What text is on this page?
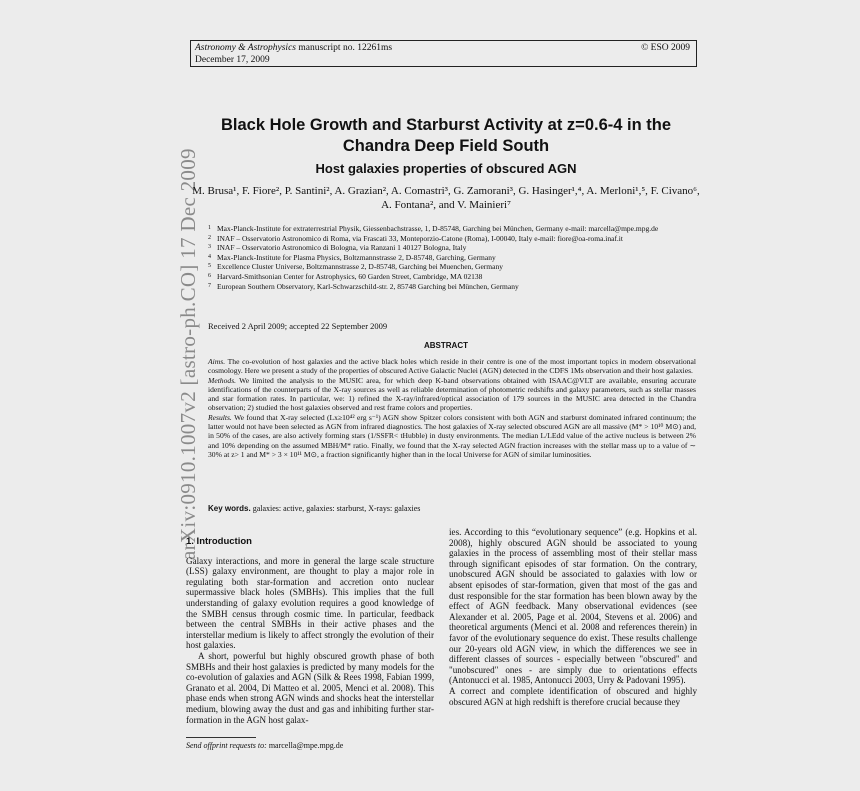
Astronomy & Astrophysics manuscript no. 12261ms
December 17, 2009
© ESO 2009
arXiv:0910.1007v2 [astro-ph.CO] 17 Dec 2009
Black Hole Growth and Starburst Activity at z=0.6-4 in the Chandra Deep Field South
Host galaxies properties of obscured AGN
M. Brusa¹, F. Fiore², P. Santini², A. Grazian², A. Comastri³, G. Zamorani³, G. Hasinger¹,⁴, A. Merloni¹,⁵, F. Civano⁶,
A. Fontana², and V. Mainieri⁷
1 Max-Planck-Institute for extraterrestrial Physik, Giessenbachstrasse, 1, D-85748, Garching bei München, Germany e-mail: marcella@mpe.mpg.de
2 INAF – Osservatorio Astronomico di Roma, via Frascati 33, Monteporzio-Catone (Roma), I-00040, Italy e-mail: fiore@oa-roma.inaf.it
3 INAF – Osservatorio Astronomico di Bologna, via Ranzani 1 40127 Bologna, Italy
4 Max-Planck-Institute for Plasma Physics, Boltzmannstrasse 2, D-85748, Garching, Germany
5 Excellence Cluster Universe, Boltzmannstrasse 2, D-85748, Garching bei Muenchen, Germany
6 Harvard-Smithsonian Center for Astrophysics, 60 Garden Street, Cambridge, MA 02138
7 European Southern Observatory, Karl-Schwarzschild-str. 2, 85748 Garching bei München, Germany
Received 2 April 2009; accepted 22 September 2009
ABSTRACT

Aims. The co-evolution of host galaxies and the active black holes which reside in their centre is one of the most important topics in modern observational cosmology. Here we present a study of the properties of obscured Active Galactic Nuclei (AGN) detected in the CDFS 1Ms observation and their host galaxies.

Methods. We limited the analysis to the MUSIC area, for which deep K-band observations obtained with ISAAC@VLT are available, ensuring accurate identifications of the counterparts of the X-ray sources as well as reliable determination of photometric redshifts and galaxy parameters, such as stellar masses and star formation rates. In particular, we: 1) refined the X-ray/infrared/optical association of 179 sources in the MUSIC area detected in the Chandra observation; 2) studied the host galaxies observed and rest frame colors and properties.

Results. We found that X-ray selected (Lx≥10⁴² erg s⁻¹) AGN show Spitzer colors consistent with both AGN and starburst dominated infrared continuum; the latter would not have been selected as AGN from infrared diagnostics. The host galaxies of X-ray selected obscured AGN are all massive (M* > 10¹⁰ M⊙) and, in 50% of the cases, are also actively forming stars (1/SSFR< tHubble) in dusty environments. The median L/LEdd value of the active nucleus is between 2% and 10% depending on the assumed MBH/M* ratio. Finally, we found that the X-ray selected AGN fraction increases with the stellar mass up to a value of ∼ 30% at z> 1 and M* > 3 × 10¹¹ M⊙, a fraction significantly higher than in the local Universe for AGN of similar luminosities.

Key words. galaxies: active, galaxies: starburst, X-rays: galaxies
1. Introduction

Galaxy interactions, and more in general the large scale structure (LSS) galaxy environment, are thought to play a major role in regulating both star-formation and accretion onto nuclear supermassive black holes (SMBHs). This implies that the full understanding of galaxy evolution requires a good knowledge of the SMBH census through cosmic time. In particular, feedback between the central SMBHs in their active phases and the interstellar medium is likely to affect strongly the evolution of their host galaxies.

A short, powerful but highly obscured growth phase of both SMBHs and their host galaxies is predicted by many models for the co-evolution of galaxies and AGN (Silk & Rees 1998, Fabian 1999, Granato et al. 2004, Di Matteo et al. 2005, Menci et al. 2008). This phase ends when strong AGN winds and shocks heat the interstellar medium, blowing away the dust and gas and inhibiting further star-formation in the AGN host galax-

ies. According to this “evolutionary sequence” (e.g. Hopkins et al. 2008), highly obscured AGN should be associated to young galaxies in the process of assembling most of their stellar mass through significant episodes of star formation. On the contrary, unobscured AGN should be associated to galaxies with low or absent episodes of star-formation, given that most of the gas and dust responsible for the star formation has been blown away by the effect of AGN feedback. Many observational evidences (see Alexander et al. 2005, Page et al. 2004, Stevens et al. 2006) and theoretical arguments (Menci et al. 2008 and references therein) in favor of the evolutionary sequence do exist. These results challenge our 20-years old AGN view, in which the differences we see in different classes of sources - especially between "obscured" and "unobscured" ones - are simply due to orientations effects (Antonucci et al. 1985, Antonucci 2003, Urry & Padovani 1995).

A correct and complete identification of obscured and highly obscured AGN at high redshift is therefore crucial because they

Send offprint requests to: marcella@mpe.mpg.de
